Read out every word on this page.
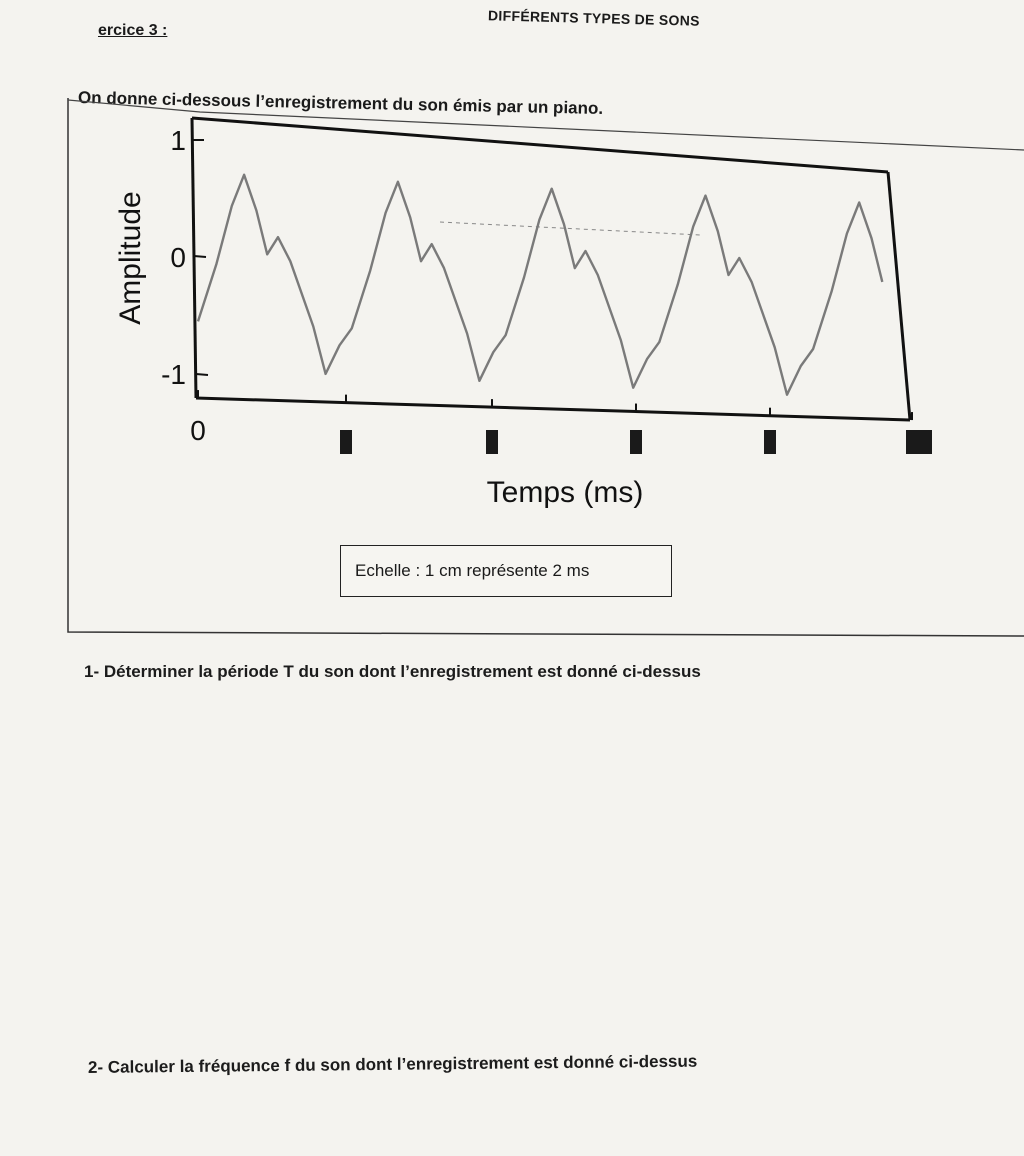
DIFFÉRENTS TYPES DE SONS
ercice 3 :
On donne ci-dessous l’enregistrement du son émis par un piano.
1
0
-1
0
Amplitude
Temps (ms)
Echelle : 1 cm représente 2 ms
1- Déterminer la période T du son dont l’enregistrement est donné ci-dessus
2- Calculer la fréquence f du son dont l’enregistrement est donné ci-dessus
